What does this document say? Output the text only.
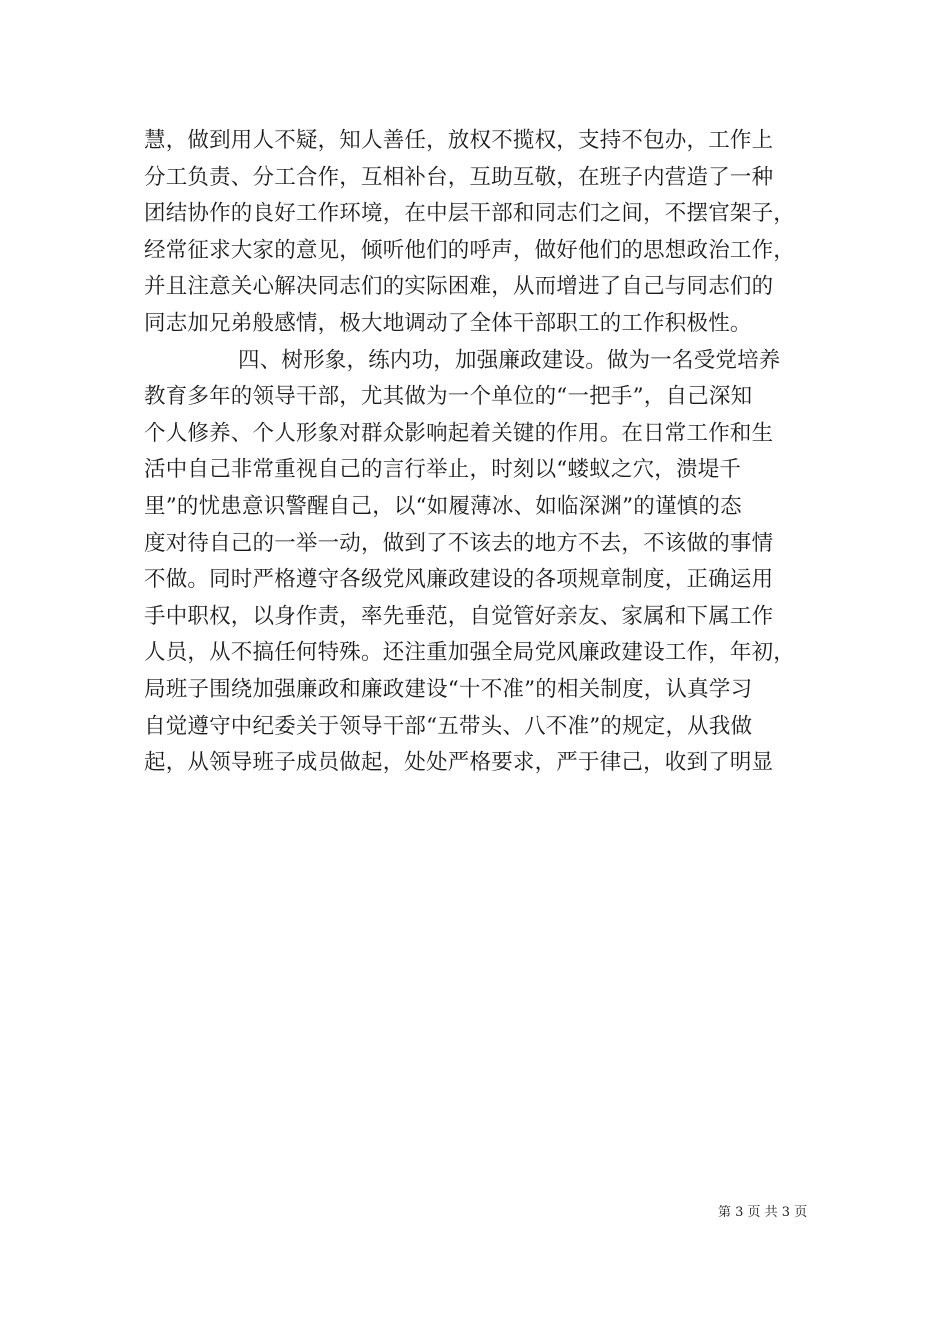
慧，做到用人不疑，知人善任，放权不揽权，支持不包办，工作上
分工负责、分工合作，互相补台，互助互敬，在班子内营造了一种
团结协作的良好工作环境，在中层干部和同志们之间，不摆官架子，
经常征求大家的意见，倾听他们的呼声，做好他们的思想政治工作，
并且注意关心解决同志们的实际困难，从而增进了自己与同志们的
同志加兄弟般感情，极大地调动了全体干部职工的工作积极性。
四、树形象，练内功，加强廉政建设。做为一名受党培养
教育多年的领导干部，尤其做为一个单位的“一把手”，自己深知
个人修养、个人形象对群众影响起着关键的作用。在日常工作和生
活中自己非常重视自己的言行举止，时刻以“蝼蚁之穴，溃堤千
里”的忧患意识警醒自己，以“如履薄冰、如临深渊”的谨慎的态
度对待自己的一举一动，做到了不该去的地方不去，不该做的事情
不做。同时严格遵守各级党风廉政建设的各项规章制度，正确运用
手中职权，以身作责，率先垂范，自觉管好亲友、家属和下属工作
人员，从不搞任何特殊。还注重加强全局党风廉政建设工作，年初，
局班子围绕加强廉政和廉政建设“十不准”的相关制度，认真学习
自觉遵守中纪委关于领导干部“五带头、八不准”的规定，从我做
起，从领导班子成员做起，处处严格要求，严于律己，收到了明显
第 3 页 共 3 页
